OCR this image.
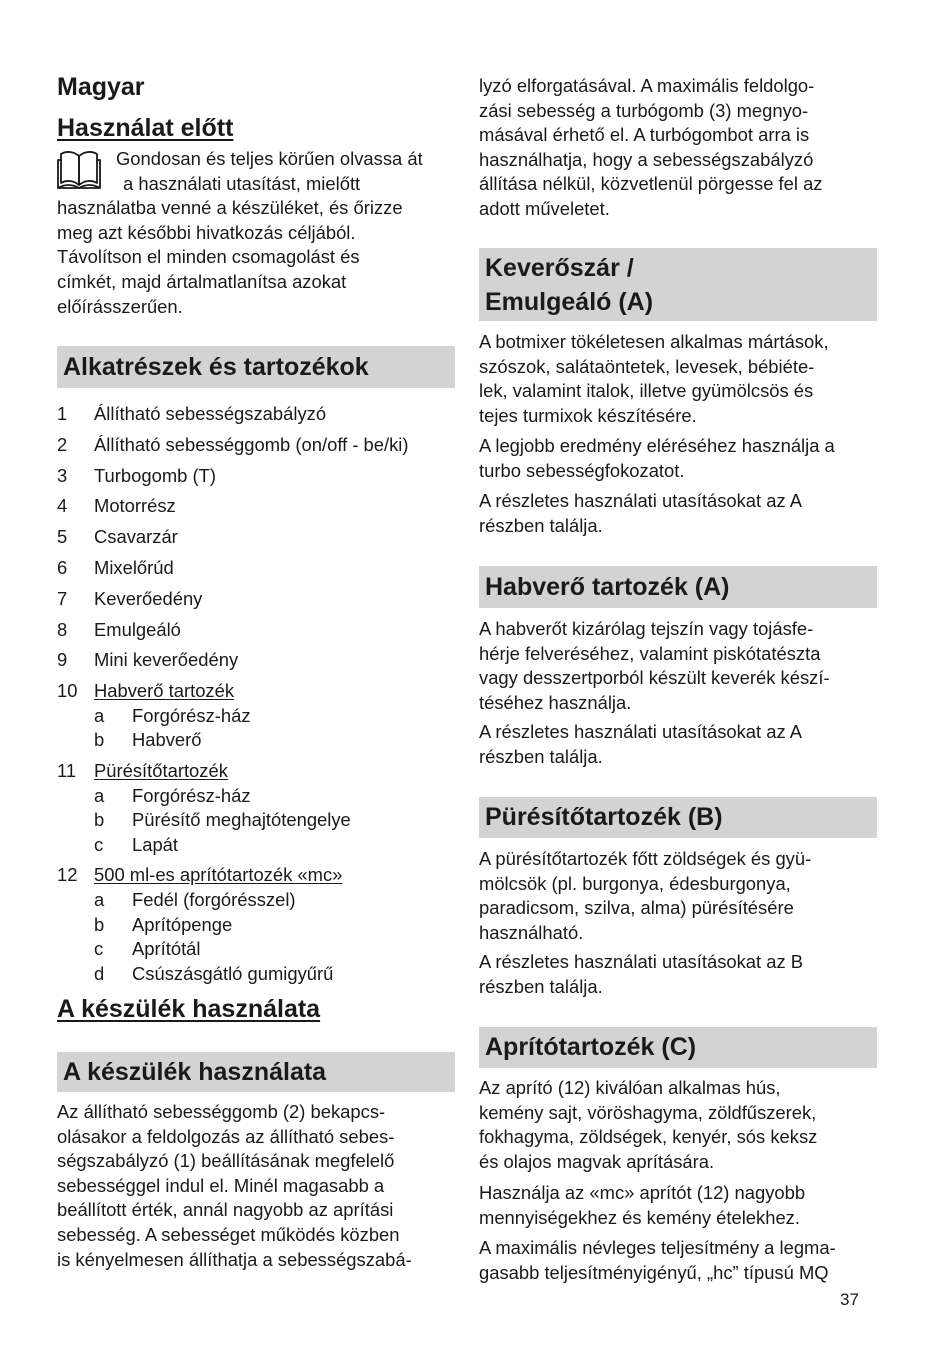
Magyar
Használat előtt

Gondosan és teljes körűen olvassa át

a használati utasítást, mielőtt

használatba venné a készüléket, és őrizze

meg azt későbbi hivatkozás céljából.

Távolítson el minden csomagolást és

címkét, majd ártalmatlanítsa azokat

előírásszerűen.

Alkatrészek és tartozékok
1 Állítható sebességszabályzó
2 Állítható sebességgomb (on/off - be/ki)
3 Turbogomb (T)
4 Motorrész
5 Csavarzár
6 Mixelőrúd
7 Keverőedény
8 Emulgeáló
9 Mini keverőedény
10 Habverő tartozék
a Forgórész-ház
b Habverő
11 Pürésítőtartozék
a Forgórész-ház
b Pürésítő meghajtótengelye
c Lapát
12 500 ml-es aprítótartozék «mc»
a Fedél (forgórésszel)
b Aprítópenge
c Aprítótál
d Csúszásgátló gumigyűrű
A készülék használata
A készülék használata

Az állítható sebességgomb (2) bekapcs-

olásakor a feldolgozás az állítható sebes-

ségszabályzó (1) beállításának megfelelő

sebességgel indul el. Minél magasabb a

beállított érték, annál nagyobb az aprítási

sebesség. A sebességet működés közben

is kényelmesen állíthatja a sebességszabá-

lyzó elforgatásával. A maximális feldolgo-

zási sebesség a turbógomb (3) megnyo-

másával érhető el. A turbógombot arra is

használhatja, hogy a sebességszabályzó

állítása nélkül, közvetlenül pörgesse fel az

adott műveletet.

Keverőszár /
Emulgeáló (A)

A botmixer tökéletesen alkalmas mártások,

szószok, salátaöntetek, levesek, bébiéte-

lek, valamint italok, illetve gyümölcsös és

tejes turmixok készítésére.

A legjobb eredmény eléréséhez használja a

turbo sebességfokozatot.

A részletes használati utasításokat az A

részben találja.

Habverő tartozék (A)

A habverőt kizárólag tejszín vagy tojásfe-

hérje felveréséhez, valamint piskótatészta

vagy desszertporból készült keverék készí-

téséhez használja.

A részletes használati utasításokat az A

részben találja.

Pürésítőtartozék (B)

A pürésítőtartozék főtt zöldségek és gyü-

mölcsök (pl. burgonya, édesburgonya,

paradicsom, szilva, alma) pürésítésére

használható.

A részletes használati utasításokat az B

részben találja.

Aprítótartozék (C)

Az aprító (12) kiválóan alkalmas hús,

kemény sajt, vöröshagyma, zöldfűszerek,

fokhagyma, zöldségek, kenyér, sós keksz

és olajos magvak aprítására.

Használja az «mc» aprítót (12) nagyobb

mennyiségekhez és kemény ételekhez.

A maximális névleges teljesítmény a legma-

gasabb teljesítményigényű, „hc” típusú MQ

37
